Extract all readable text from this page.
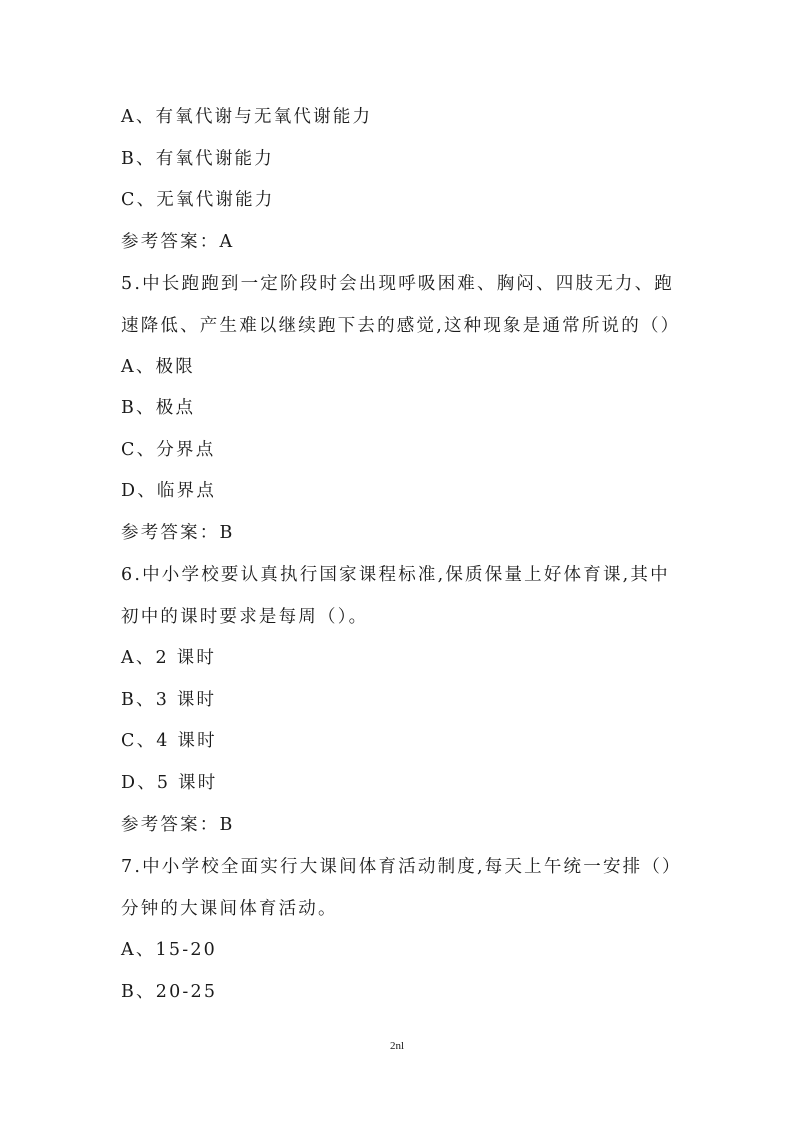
A、有氧代谢与无氧代谢能力
B、有氧代谢能力
C、无氧代谢能力
参考答案：A
5.中长跑跑到一定阶段时会出现呼吸困难、胸闷、四肢无力、跑
速降低、产生难以继续跑下去的感觉,这种现象是通常所说的（）
A、极限
B、极点
C、分界点
D、临界点
参考答案：B
6.中小学校要认真执行国家课程标准,保质保量上好体育课,其中
初中的课时要求是每周（）。
A、2 课时
B、3 课时
C、4 课时
D、5 课时
参考答案：B
7.中小学校全面实行大课间体育活动制度,每天上午统一安排（）
分钟的大课间体育活动。
A、15-20
B、20-25
2nl
